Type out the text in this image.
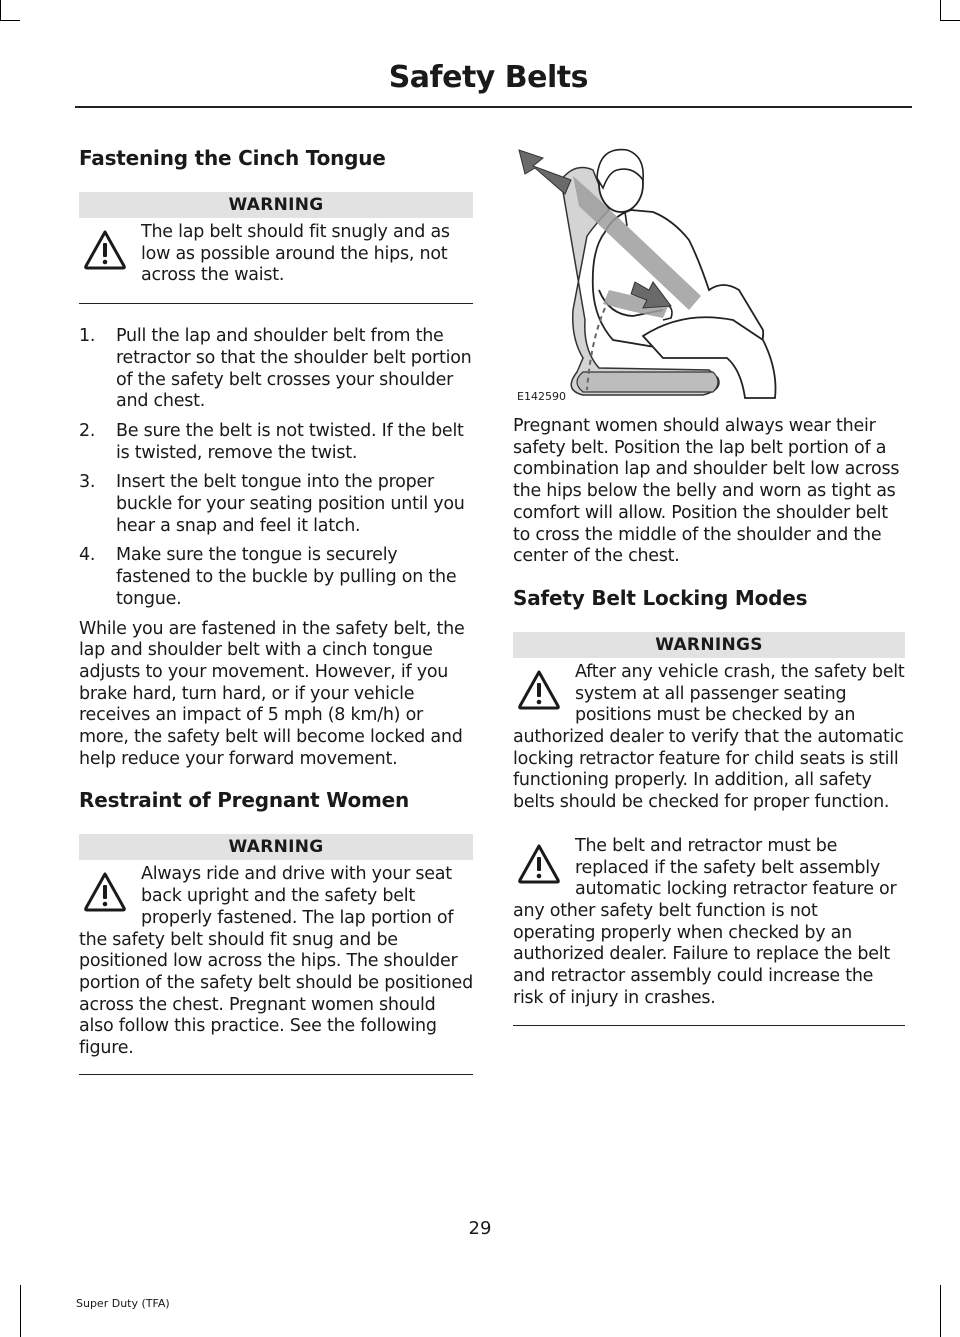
Safety Belts
Fastening the Cinch Tongue
WARNING
The lap belt should fit snugly and as low as possible around the hips, not across the waist.
1. Pull the lap and shoulder belt from the retractor so that the shoulder belt portion of the safety belt crosses your shoulder and chest.
2. Be sure the belt is not twisted. If the belt is twisted, remove the twist.
3. Insert the belt tongue into the proper buckle for your seating position until you hear a snap and feel it latch.
4. Make sure the tongue is securely fastened to the buckle by pulling on the tongue.

While you are fastened in the safety belt, the lap and shoulder belt with a cinch tongue adjusts to your movement. However, if you brake hard, turn hard, or if your vehicle receives an impact of 5 mph (8 km/h) or more, the safety belt will become locked and help reduce your forward movement.

Restraint of Pregnant Women
WARNING
Always ride and drive with your seat back upright and the safety belt properly fastened. The lap portion of the safety belt should fit snug and be positioned low across the hips. The shoulder portion of the safety belt should be positioned across the chest. Pregnant women should also follow this practice. See the following figure.
E142590

Pregnant women should always wear their safety belt. Position the lap belt portion of a combination lap and shoulder belt low across the hips below the belly and worn as tight as comfort will allow. Position the shoulder belt to cross the middle of the shoulder and the center of the chest.

Safety Belt Locking Modes
WARNINGS
After any vehicle crash, the safety belt system at all passenger seating positions must be checked by an authorized dealer to verify that the automatic locking retractor feature for child seats is still functioning properly. In addition, all safety belts should be checked for proper function.
The belt and retractor must be replaced if the safety belt assembly automatic locking retractor feature or any other safety belt function is not operating properly when checked by an authorized dealer. Failure to replace the belt and retractor assembly could increase the risk of injury in crashes.
29
Super Duty (TFA)
